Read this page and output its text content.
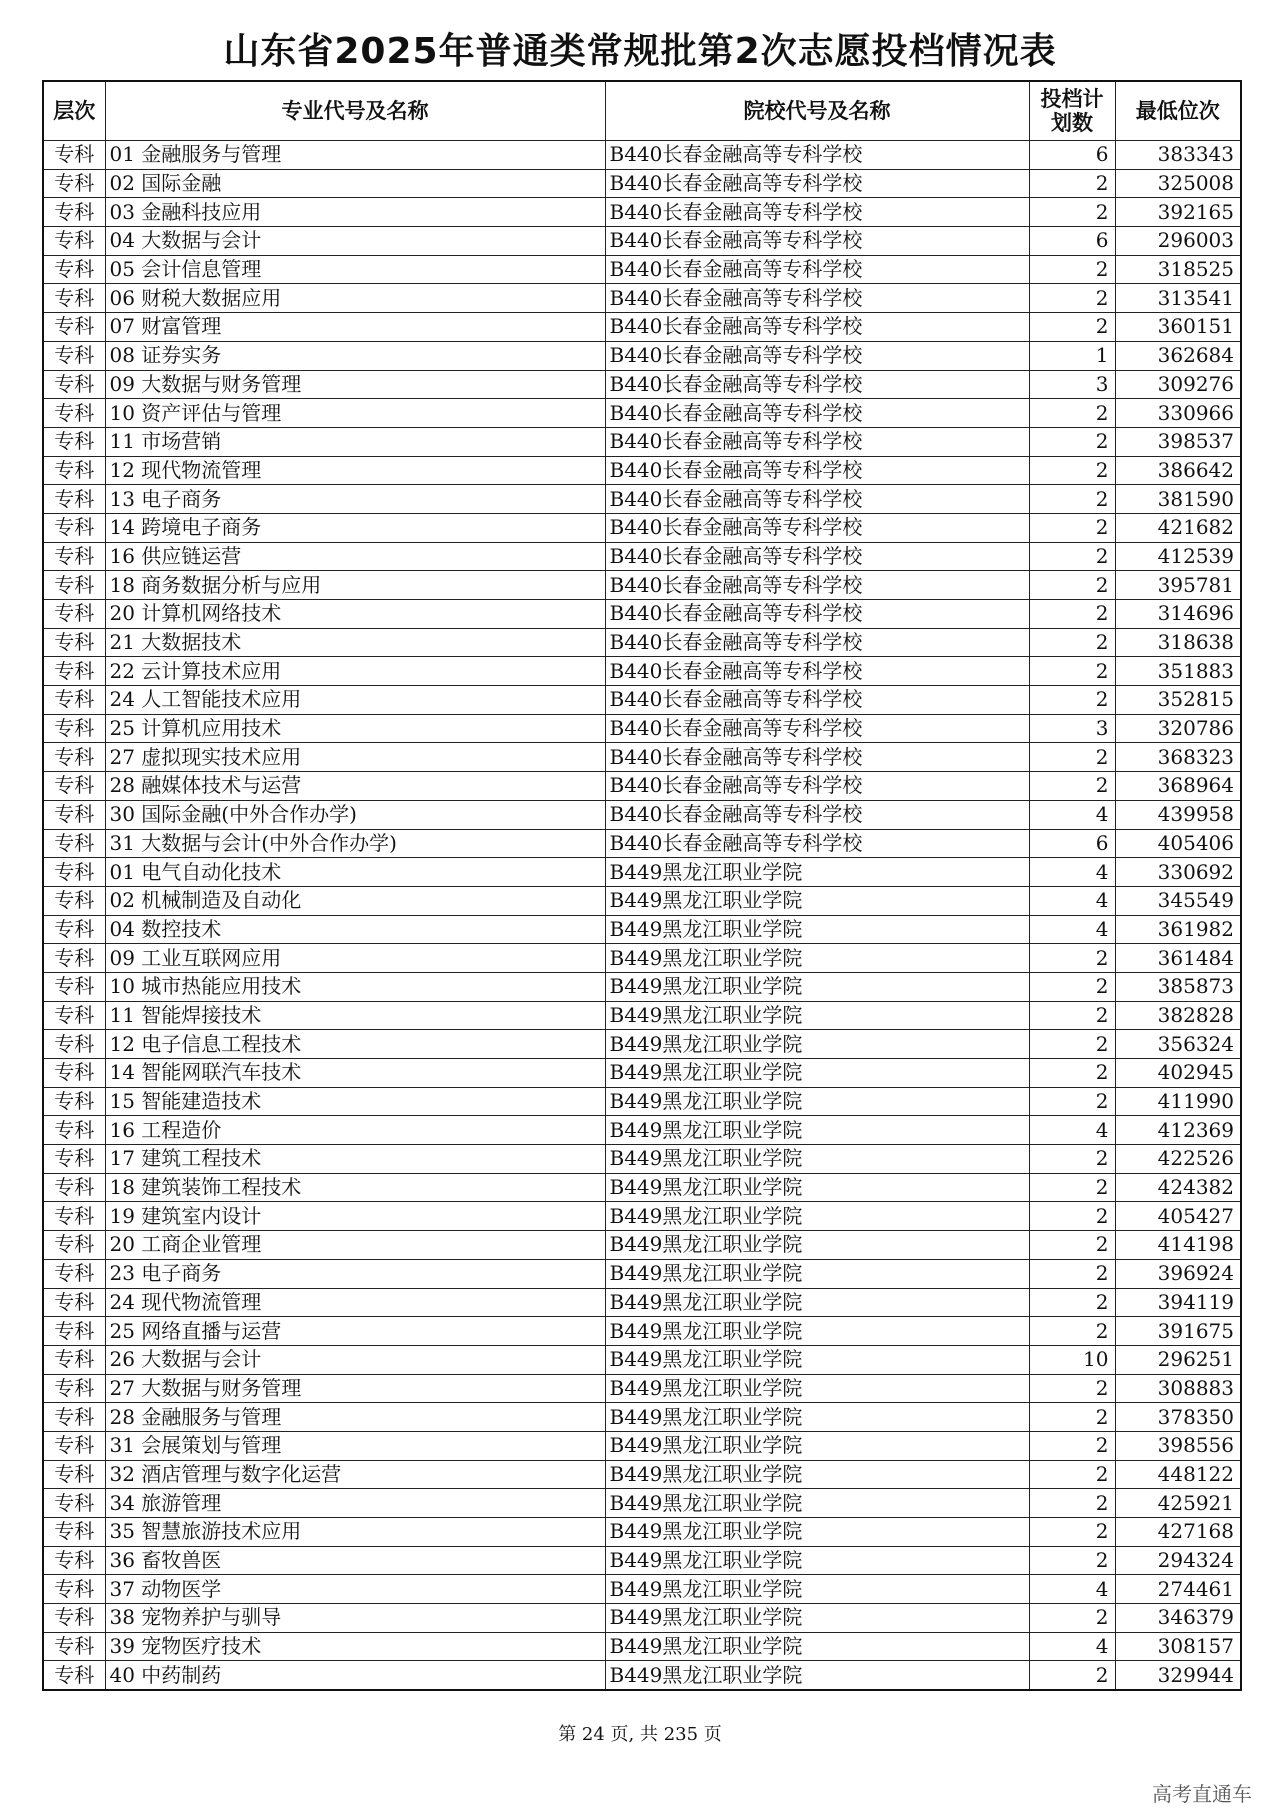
山东省2025年普通类常规批第2次志愿投档情况表
层次	专业代号及名称	院校代号及名称	投档计划数	最低位次
专科	01 金融服务与管理	B440长春金融高等专科学校	6	383343
专科	02 国际金融	B440长春金融高等专科学校	2	325008
专科	03 金融科技应用	B440长春金融高等专科学校	2	392165
专科	04 大数据与会计	B440长春金融高等专科学校	6	296003
专科	05 会计信息管理	B440长春金融高等专科学校	2	318525
专科	06 财税大数据应用	B440长春金融高等专科学校	2	313541
专科	07 财富管理	B440长春金融高等专科学校	2	360151
专科	08 证券实务	B440长春金融高等专科学校	1	362684
专科	09 大数据与财务管理	B440长春金融高等专科学校	3	309276
专科	10 资产评估与管理	B440长春金融高等专科学校	2	330966
专科	11 市场营销	B440长春金融高等专科学校	2	398537
专科	12 现代物流管理	B440长春金融高等专科学校	2	386642
专科	13 电子商务	B440长春金融高等专科学校	2	381590
专科	14 跨境电子商务	B440长春金融高等专科学校	2	421682
专科	16 供应链运营	B440长春金融高等专科学校	2	412539
专科	18 商务数据分析与应用	B440长春金融高等专科学校	2	395781
专科	20 计算机网络技术	B440长春金融高等专科学校	2	314696
专科	21 大数据技术	B440长春金融高等专科学校	2	318638
专科	22 云计算技术应用	B440长春金融高等专科学校	2	351883
专科	24 人工智能技术应用	B440长春金融高等专科学校	2	352815
专科	25 计算机应用技术	B440长春金融高等专科学校	3	320786
专科	27 虚拟现实技术应用	B440长春金融高等专科学校	2	368323
专科	28 融媒体技术与运营	B440长春金融高等专科学校	2	368964
专科	30 国际金融(中外合作办学)	B440长春金融高等专科学校	4	439958
专科	31 大数据与会计(中外合作办学)	B440长春金融高等专科学校	6	405406
专科	01 电气自动化技术	B449黑龙江职业学院	4	330692
专科	02 机械制造及自动化	B449黑龙江职业学院	4	345549
专科	04 数控技术	B449黑龙江职业学院	4	361982
专科	09 工业互联网应用	B449黑龙江职业学院	2	361484
专科	10 城市热能应用技术	B449黑龙江职业学院	2	385873
专科	11 智能焊接技术	B449黑龙江职业学院	2	382828
专科	12 电子信息工程技术	B449黑龙江职业学院	2	356324
专科	14 智能网联汽车技术	B449黑龙江职业学院	2	402945
专科	15 智能建造技术	B449黑龙江职业学院	2	411990
专科	16 工程造价	B449黑龙江职业学院	4	412369
专科	17 建筑工程技术	B449黑龙江职业学院	2	422526
专科	18 建筑装饰工程技术	B449黑龙江职业学院	2	424382
专科	19 建筑室内设计	B449黑龙江职业学院	2	405427
专科	20 工商企业管理	B449黑龙江职业学院	2	414198
专科	23 电子商务	B449黑龙江职业学院	2	396924
专科	24 现代物流管理	B449黑龙江职业学院	2	394119
专科	25 网络直播与运营	B449黑龙江职业学院	2	391675
专科	26 大数据与会计	B449黑龙江职业学院	10	296251
专科	27 大数据与财务管理	B449黑龙江职业学院	2	308883
专科	28 金融服务与管理	B449黑龙江职业学院	2	378350
专科	31 会展策划与管理	B449黑龙江职业学院	2	398556
专科	32 酒店管理与数字化运营	B449黑龙江职业学院	2	448122
专科	34 旅游管理	B449黑龙江职业学院	2	425921
专科	35 智慧旅游技术应用	B449黑龙江职业学院	2	427168
专科	36 畜牧兽医	B449黑龙江职业学院	2	294324
专科	37 动物医学	B449黑龙江职业学院	4	274461
专科	38 宠物养护与驯导	B449黑龙江职业学院	2	346379
专科	39 宠物医疗技术	B449黑龙江职业学院	4	308157
专科	40 中药制药	B449黑龙江职业学院	2	329944
第 24 页, 共 235 页
高考直通车
